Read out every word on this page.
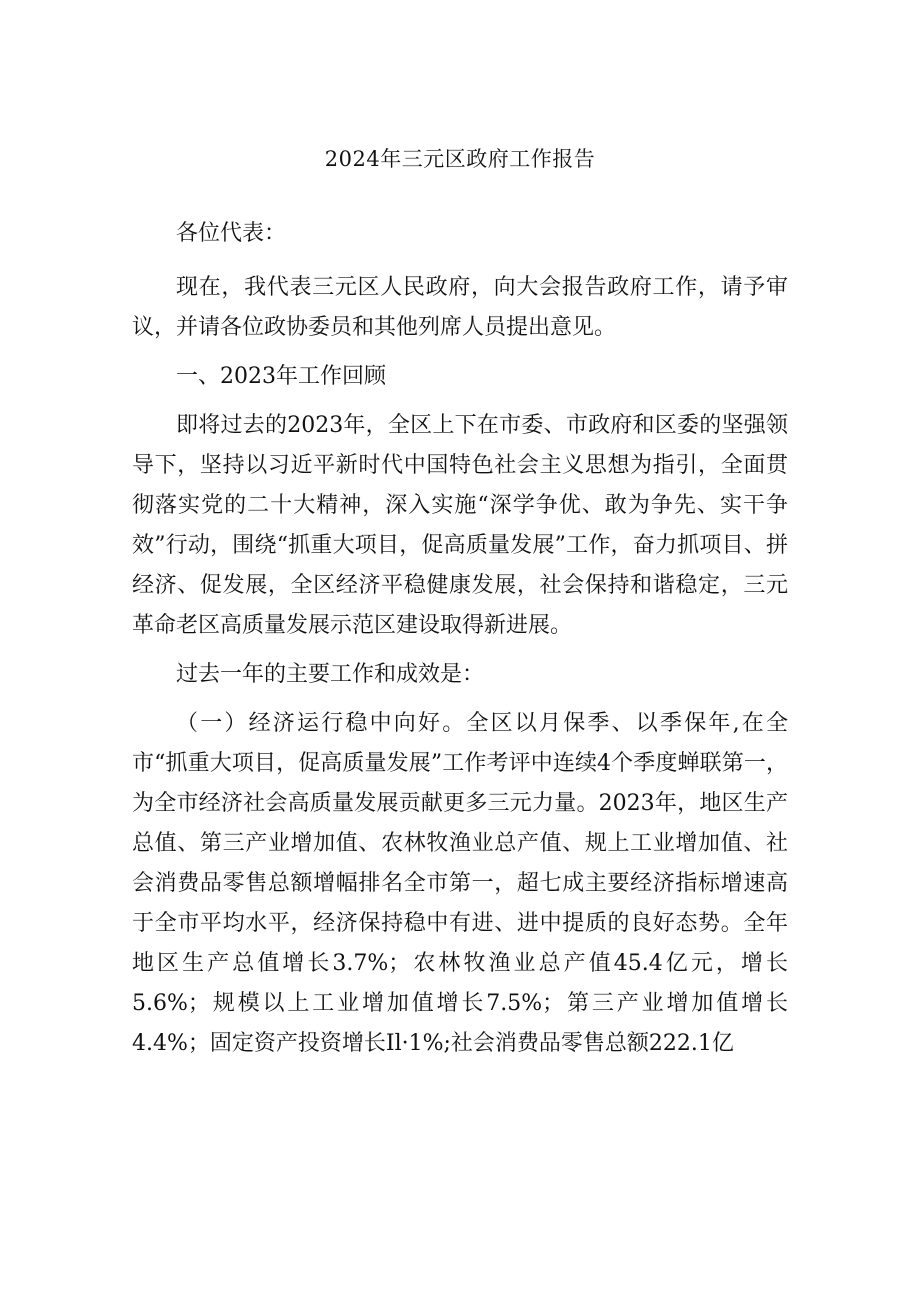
2024年三元区政府工作报告

各位代表：

现在，我代表三元区人民政府，向大会报告政府工作，请予审议，并请各位政协委员和其他列席人员提出意见。

一、2023年工作回顾

即将过去的2023年，全区上下在市委、市政府和区委的坚强领导下，坚持以习近平新时代中国特色社会主义思想为指引，全面贯彻落实党的二十大精神，深入实施“深学争优、敢为争先、实干争效”行动，围绕“抓重大项目，促高质量发展”工作，奋力抓项目、拼经济、促发展，全区经济平稳健康发展，社会保持和谐稳定，三元革命老区高质量发展示范区建设取得新进展。

过去一年的主要工作和成效是：

（一）经济运行稳中向好。全区以月保季、以季保年,在全市“抓重大项目，促高质量发展”工作考评中连续4个季度蝉联第一，为全市经济社会高质量发展贡献更多三元力量。2023年，地区生产总值、第三产业增加值、农林牧渔业总产值、规上工业增加值、社会消费品零售总额增幅排名全市第一，超七成主要经济指标增速高于全市平均水平，经济保持稳中有进、进中提质的良好态势。全年地区生产总值增长3.7%；农林牧渔业总产值45.4亿元，增长5.6%；规模以上工业增加值增长7.5%；第三产业增加值增长4.4%；固定资产投资增长Il·1%;社会消费品零售总额222.1亿
